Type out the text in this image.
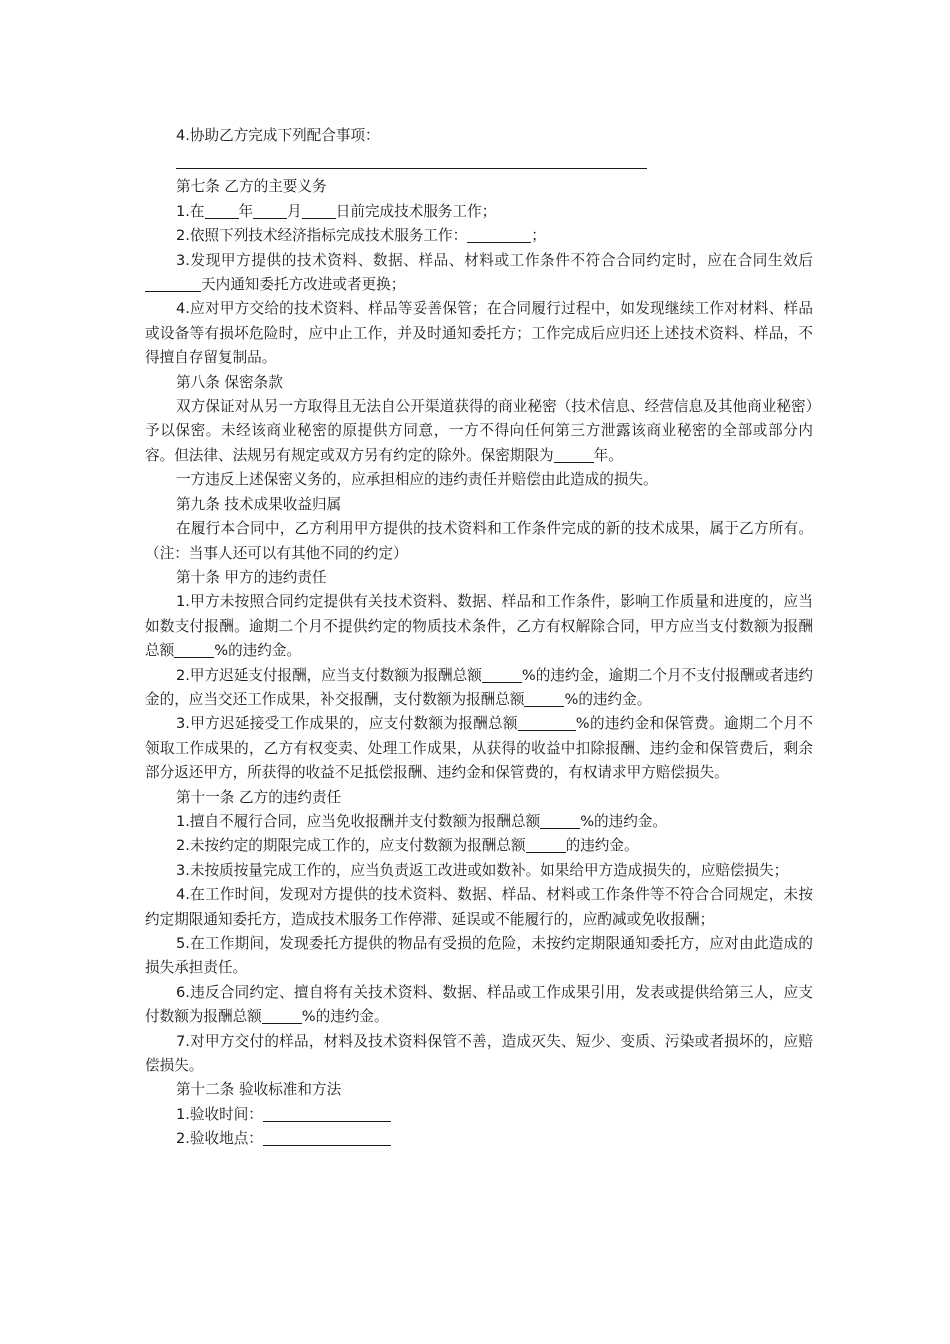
4.协助乙方完成下列配合事项：
第七条 乙方的主要义务
1.在 年 月 日前完成技术服务工作；
2.依照下列技术经济指标完成技术服务工作：	；
3.发现甲方提供的技术资料、数据、样品、材料或工作条件不符合合同约定时，应在合同生效后天内通知委托方改进或者更换；
4.应对甲方交给的技术资料、样品等妥善保管；在合同履行过程中，如发现继续工作对材料、样品或设备等有损坏危险时，应中止工作，并及时通知委托方；工作完成后应归还上述技术资料、样品，不得擅自存留复制品。
第八条 保密条款
双方保证对从另一方取得且无法自公开渠道获得的商业秘密（技术信息、经营信息及其他商业秘密）予以保密。未经该商业秘密的原提供方同意，一方不得向任何第三方泄露该商业秘密的全部或部分内容。但法律、法规另有规定或双方另有约定的除外。保密期限为	年。
一方违反上述保密义务的，应承担相应的违约责任并赔偿由此造成的损失。
第九条 技术成果收益归属
在履行本合同中，乙方利用甲方提供的技术资料和工作条件完成的新的技术成果，属于乙方所有。（注：当事人还可以有其他不同的约定）
第十条 甲方的违约责任
1.甲方未按照合同约定提供有关技术资料、数据、样品和工作条件，影响工作质量和进度的，应当如数支付报酬。逾期二个月不提供约定的物质技术条件，乙方有权解除合同，甲方应当支付数额为报酬总额	%的违约金。
2.甲方迟延支付报酬，应当支付数额为报酬总额	%的违约金，逾期二个月不支付报酬或者违约金的，应当交还工作成果，补交报酬，支付数额为报酬总额	%的违约金。
3.甲方迟延接受工作成果的，应支付数额为报酬总额	%的违约金和保管费。逾期二个月不领取工作成果的，乙方有权变卖、处理工作成果，从获得的收益中扣除报酬、违约金和保管费后，剩余部分返还甲方，所获得的收益不足抵偿报酬、违约金和保管费的，有权请求甲方赔偿损失。
第十一条 乙方的违约责任
1.擅自不履行合同，应当免收报酬并支付数额为报酬总额	%的违约金。
2.未按约定的期限完成工作的，应支付数额为报酬总额	的违约金。
3.未按质按量完成工作的，应当负责返工改进或如数补。如果给甲方造成损失的，应赔偿损失；
4.在工作时间，发现对方提供的技术资料、数据、样品、材料或工作条件等不符合合同规定，未按约定期限通知委托方，造成技术服务工作停滞、延误或不能履行的，应酌减或免收报酬；
5.在工作期间，发现委托方提供的物品有受损的危险，未按约定期限通知委托方，应对由此造成的损失承担责任。
6.违反合同约定、擅自将有关技术资料、数据、样品或工作成果引用，发表或提供给第三人，应支付数额为报酬总额	%的违约金。
7.对甲方交付的样品，材料及技术资料保管不善，造成灭失、短少、变质、污染或者损坏的，应赔偿损失。
第十二条 验收标准和方法
1.验收时间：
2.验收地点：
